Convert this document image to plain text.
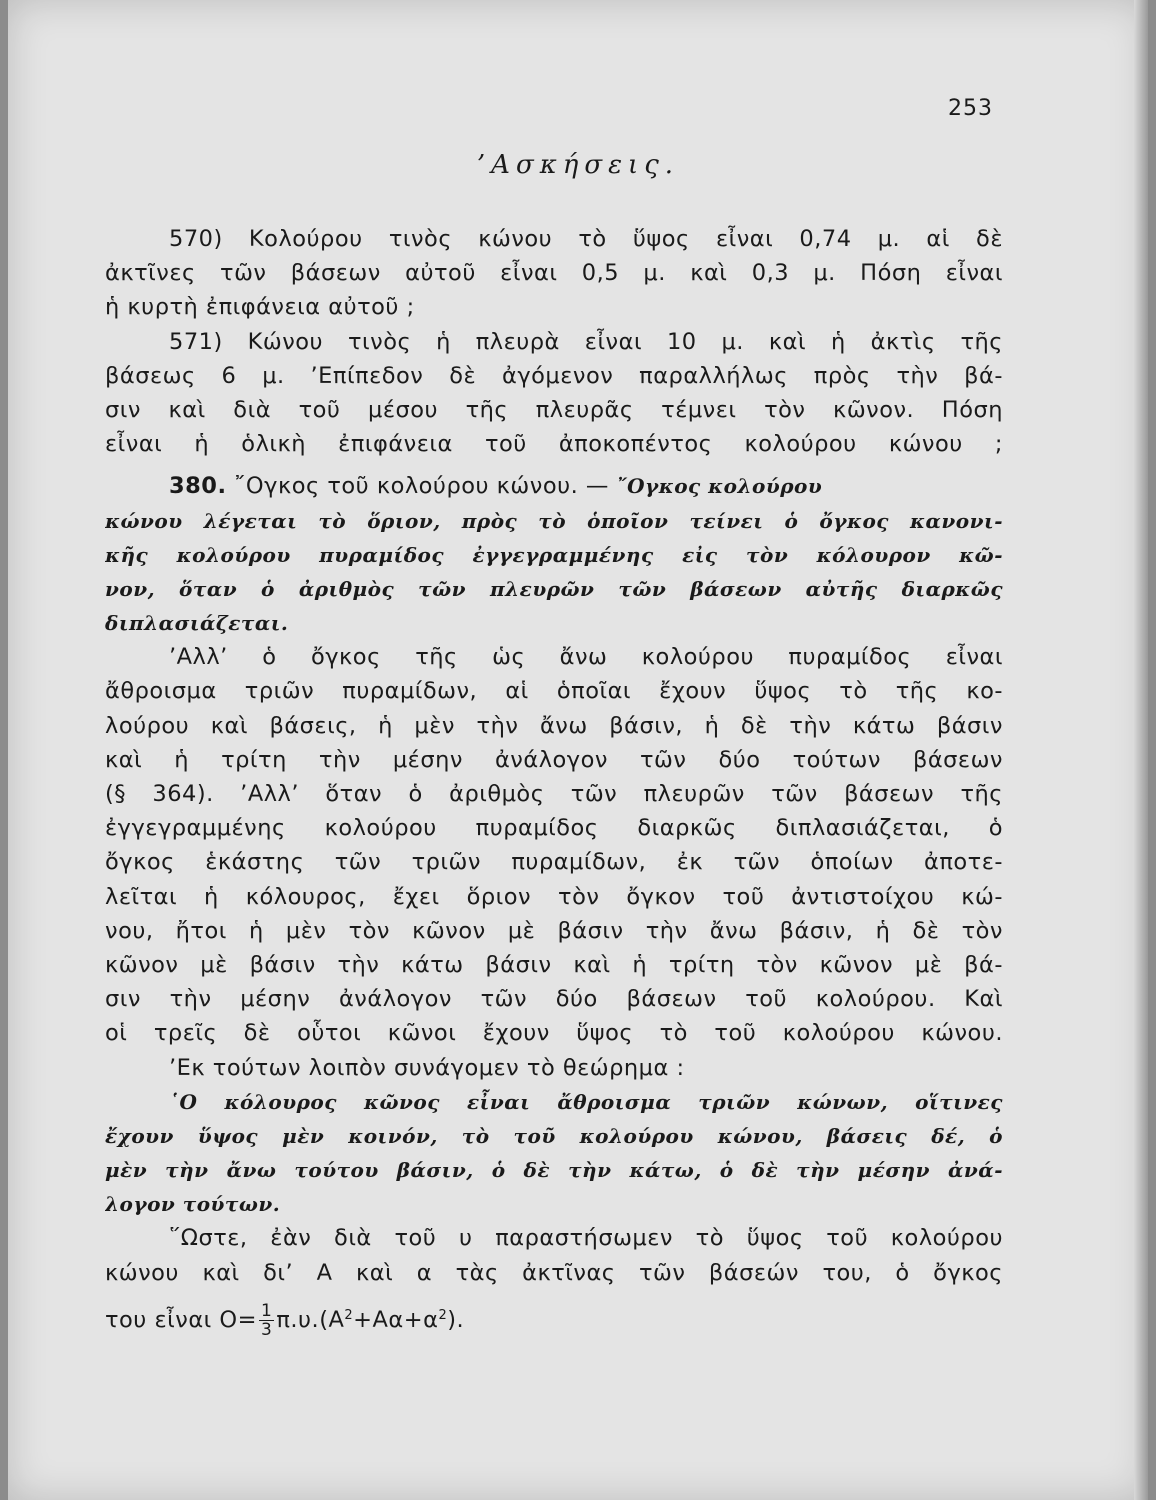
253
’Ασκήσεις.
570) Κολούρου τινὸς κώνου τὸ ὕψος εἶναι 0,74 μ. αἱ δὲ
ἀκτῖνες τῶν βάσεων αὐτοῦ εἶναι 0,5 μ. καὶ 0,3 μ. Πόση εἶναι
ἡ κυρτὴ ἐπιφάνεια αὐτοῦ ;
571) Κώνου τινὸς ἡ πλευρὰ εἶναι 10 μ. καὶ ἡ ἀκτὶς τῆς
βάσεως 6 μ. ’Επίπεδον δὲ ἀγόμενον παραλλήλως πρὸς τὴν βά-
σιν καὶ διὰ τοῦ μέσου τῆς πλευρᾶς τέμνει τὸν κῶνον. Πόση
εἶναι ἡ ὁλικὴ ἐπιφάνεια τοῦ ἀποκοπέντος κολούρου κώνου ;
380. ῎Ογκος τοῦ κολούρου κώνου. — ῎Ογκος κολούρου
κώνου λέγεται τὸ ὅριον, πρὸς τὸ ὁποῖον τείνει ὁ ὄγκος κανονι-
κῆς κολούρου πυραμίδος ἐγγεγραμμένης εἰς τὸν κόλουρον κῶ-
νον, ὅταν ὁ ἀριθμὸς τῶν πλευρῶν τῶν βάσεων αὐτῆς διαρκῶς
διπλασιάζεται.
’Αλλ’ ὁ ὄγκος τῆς ὡς ἄνω κολούρου πυραμίδος εἶναι
ἄθροισμα τριῶν πυραμίδων, αἱ ὁποῖαι ἔχουν ὕψος τὸ τῆς κο-
λούρου καὶ βάσεις, ἡ μὲν τὴν ἄνω βάσιν, ἡ δὲ τὴν κάτω βάσιν
καὶ ἡ τρίτη τὴν μέσην ἀνάλογον τῶν δύο τούτων βάσεων
(§ 364). ’Αλλ’ ὅταν ὁ ἀριθμὸς τῶν πλευρῶν τῶν βάσεων τῆς
ἐγγεγραμμένης κολούρου πυραμίδος διαρκῶς διπλασιάζεται, ὁ
ὄγκος ἑκάστης τῶν τριῶν πυραμίδων, ἐκ τῶν ὁποίων ἀποτε-
λεῖται ἡ κόλουρος, ἔχει ὅριον τὸν ὄγκον τοῦ ἀντιστοίχου κώ-
νου, ἤτοι ἡ μὲν τὸν κῶνον μὲ βάσιν τὴν ἄνω βάσιν, ἡ δὲ τὸν
κῶνον μὲ βάσιν τὴν κάτω βάσιν καὶ ἡ τρίτη τὸν κῶνον μὲ βά-
σιν τὴν μέσην ἀνάλογον τῶν δύο βάσεων τοῦ κολούρου. Καὶ
οἱ τρεῖς δὲ οὗτοι κῶνοι ἔχουν ὕψος τὸ τοῦ κολούρου κώνου.
’Εκ τούτων λοιπὸν συνάγομεν τὸ θεώρημα :
῾Ο κόλουρος κῶνος εἶναι ἄθροισμα τριῶν κώνων, οἵτινες
ἔχουν ὕψος μὲν κοινόν, τὸ τοῦ κολούρου κώνου, βάσεις δέ, ὁ
μὲν τὴν ἄνω τούτου βάσιν, ὁ δὲ τὴν κάτω, ὁ δὲ τὴν μέσην ἀνά-
λογον τούτων.
῞Ωστε, ἐὰν διὰ τοῦ υ παραστήσωμεν τὸ ὕψος τοῦ κολούρου
κώνου καὶ δι’ Α καὶ α τὰς ἀκτῖνας τῶν βάσεών του, ὁ ὄγκος
του εἶναι $O= \frac{1}{3} \pi.\upsilon.(A^2+A\alpha+\alpha^2)$.
